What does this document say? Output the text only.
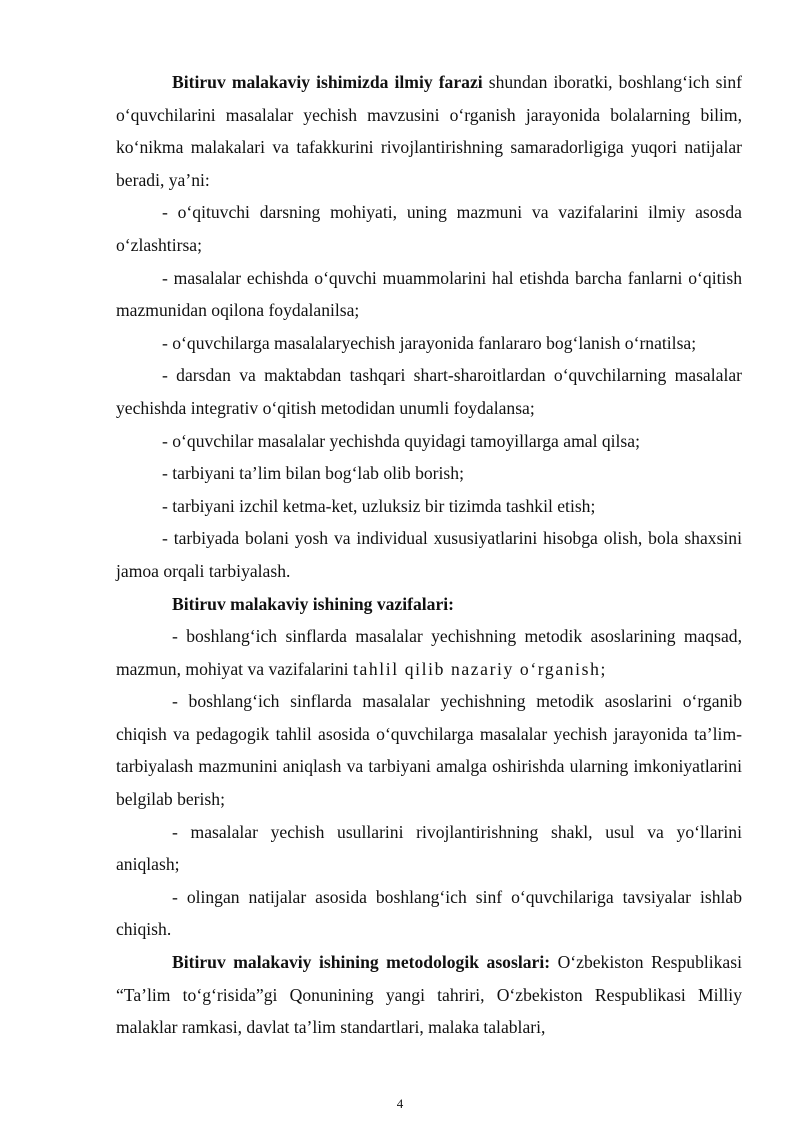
Bitiruv malakaviy ishimizda ilmiy farazi shundan iboratki, boshlang‘ich sinf o‘quvchilarini masalalar yechish mavzusini o‘rganish jarayonida bolalarning bilim, ko‘nikma malakalari va tafakkurini rivojlantirishning samaradorligiga yuqori natijalar beradi, ya’ni:

- o‘qituvchi darsning mohiyati, uning mazmuni va vazifalarini ilmiy asosda o‘zlashtirsa;

- masalalar echishda o‘quvchi muammolarini hal etishda barcha fanlarni o‘qitish mazmunidan oqilona foydalanilsa;

- o‘quvchilarga masalalaryechish jarayonida fanlararo bog‘lanish o‘rnatilsa;

- darsdan va maktabdan tashqari shart-sharoitlardan o‘quvchilarning masalalar yechishda integrativ o‘qitish metodidan unumli foydalansa;

- o‘quvchilar masalalar yechishda quyidagi tamoyillarga amal qilsa;

- tarbiyani ta’lim bilan bog‘lab olib borish;

- tarbiyani izchil ketma-ket, uzluksiz bir tizimda tashkil etish;

- tarbiyada bolani yosh va individual xususiyatlarini hisobga olish, bola shaxsini jamoa orqali tarbiyalash.

Bitiruv malakaviy ishining vazifalari:

- boshlang‘ich sinflarda masalalar yechishning metodik asoslarining maqsad, mazmun, mohiyat va vazifalarini tahlil qilib nazariy o‘rganish;

- boshlang‘ich sinflarda masalalar yechishning metodik asoslarini o‘rganib chiqish va pedagogik tahlil asosida o‘quvchilarga masalalar yechish jarayonida ta’lim- tarbiyalash mazmunini aniqlash va tarbiyani amalga oshirishda ularning imkoniyatlarini belgilab berish;

- masalalar yechish usullarini rivojlantirishning shakl, usul va yo‘llarini aniqlash;

- olingan natijalar asosida boshlang‘ich sinf o‘quvchilariga tavsiyalar ishlab chiqish.

Bitiruv malakaviy ishining metodologik asoslari: O‘zbekiston Respublikasi “Ta’lim to‘g‘risida”gi Qonunining yangi tahriri, O‘zbekiston Respublikasi Milliy malaklar ramkasi, davlat ta’lim standartlari, malaka talablari,

4
